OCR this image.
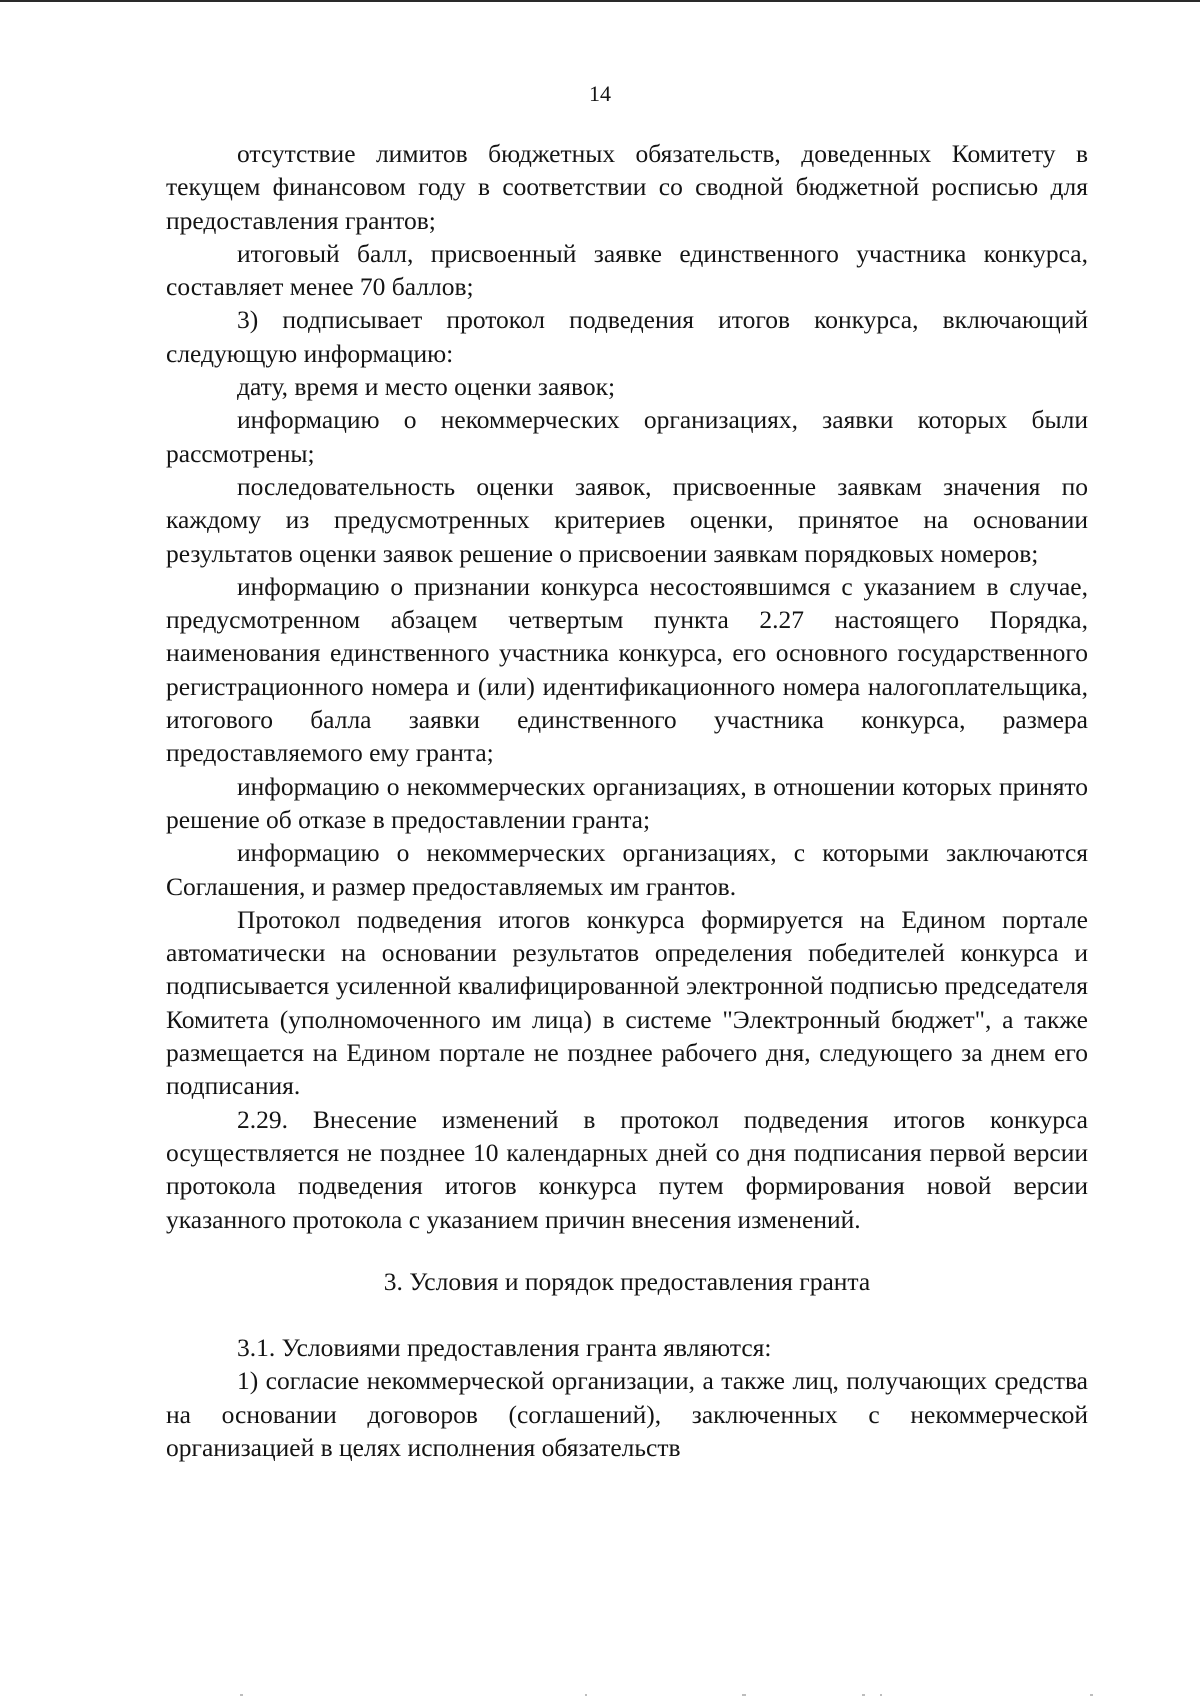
14

отсутствие лимитов бюджетных обязательств, доведенных Комитету в текущем финансовом году в соответствии со сводной бюджетной росписью для предоставления грантов;

итоговый балл, присвоенный заявке единственного участника конкурса, составляет менее 70 баллов;

3) подписывает протокол подведения итогов конкурса, включающий следующую информацию:

дату, время и место оценки заявок;

информацию о некоммерческих организациях, заявки которых были рассмотрены;

последовательность оценки заявок, присвоенные заявкам значения по каждому из предусмотренных критериев оценки, принятое на основании результатов оценки заявок решение о присвоении заявкам порядковых номеров;

информацию о признании конкурса несостоявшимся с указанием в случае, предусмотренном абзацем четвертым пункта 2.27 настоящего Порядка, наименования единственного участника конкурса, его основного государственного регистрационного номера и (или) идентификационного номера налогоплательщика, итогового балла заявки единственного участника конкурса, размера предоставляемого ему гранта;

информацию о некоммерческих организациях, в отношении которых принято решение об отказе в предоставлении гранта;

информацию о некоммерческих организациях, с которыми заключаются Соглашения, и размер предоставляемых им грантов.

Протокол подведения итогов конкурса формируется на Едином портале автоматически на основании результатов определения победителей конкурса и подписывается усиленной квалифицированной электронной подписью председателя Комитета (уполномоченного им лица) в системе "Электронный бюджет", а также размещается на Едином портале не позднее рабочего дня, следующего за днем его подписания.

2.29. Внесение изменений в протокол подведения итогов конкурса осуществляется не позднее 10 календарных дней со дня подписания первой версии протокола подведения итогов конкурса путем формирования новой версии указанного протокола с указанием причин внесения изменений.

3. Условия и порядок предоставления гранта

3.1. Условиями предоставления гранта являются:

1) согласие некоммерческой организации, а также лиц, получающих средства на основании договоров (соглашений), заключенных с некоммерческой организацией в целях исполнения обязательств
